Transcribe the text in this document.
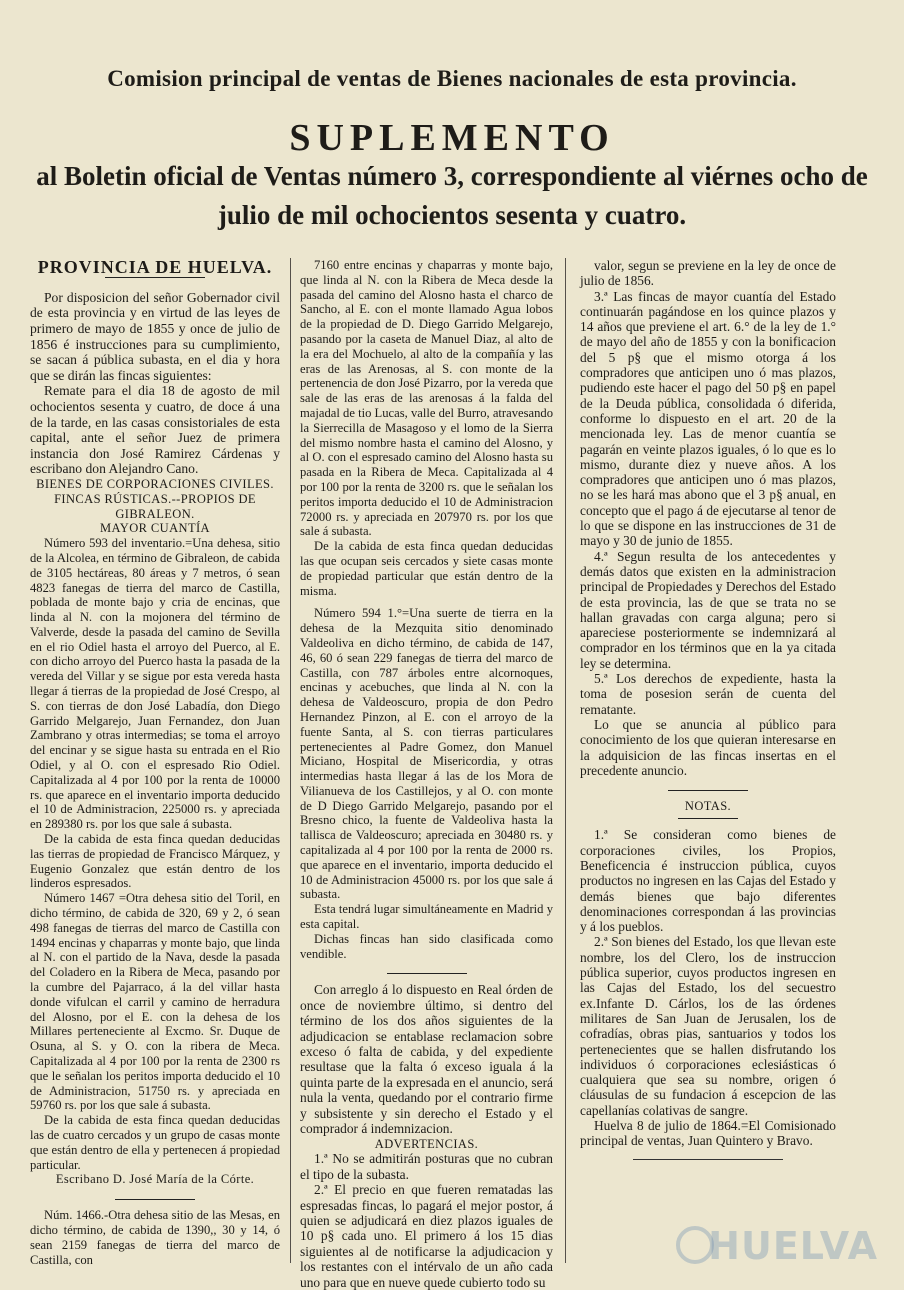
Comision principal de ventas de Bienes nacionales de esta provincia.
SUPLEMENTO
al Boletin oficial de Ventas número 3, correspondiente al viérnes ocho de
julio de mil ochocientos sesenta y cuatro.
PROVINCIA DE HUELVA.

Por disposicion del señor Gobernador civil de esta provincia y en virtud de las leyes de primero de mayo de 1855 y once de julio de 1856 é instrucciones para su cumplimiento, se sacan á pública subasta, en el dia y hora que se dirán las fincas siguientes:

Remate para el dia 18 de agosto de mil ochocientos sesenta y cuatro, de doce á una de la tarde, en las casas consistoriales de esta capital, ante el señor Juez de primera instancia don José Ramirez Cárdenas y escribano don Alejandro Cano.

BIENES DE CORPORACIONES CIVILES.

FINCAS RÚSTICAS.--PROPIOS DE GIBRALEON.

MAYOR CUANTÍA

Número 593 del inventario.=Una dehesa, sitio de la Alcolea, en término de Gibraleon, de cabida de 3105 hectáreas, 80 áreas y 7 metros, ó sean 4823 fanegas de tierra del marco de Castilla, poblada de monte bajo y cria de encinas, que linda al N. con la mojonera del término de Valverde, desde la pasada del camino de Sevilla en el rio Odiel hasta el arroyo del Puerco, al E. con dicho arroyo del Puerco hasta la pasada de la vereda del Villar y se sigue por esta vereda hasta llegar á tierras de la propiedad de José Crespo, al S. con tierras de don José Labadía, don Diego Garrido Melgarejo, Juan Fernandez, don Juan Zambrano y otras intermedias; se toma el arroyo del encinar y se sigue hasta su entrada en el Rio Odiel, y al O. con el espresado Rio Odiel. Capitalizada al 4 por 100 por la renta de 10000 rs. que aparece en el inventario importa deducido el 10 de Administracion, 225000 rs. y apreciada en 289380 rs. por los que sale á subasta.

De la cabida de esta finca quedan deducidas las tierras de propiedad de Francisco Márquez, y Eugenio Gonzalez que están dentro de los linderos espresados.

Número 1467 =Otra dehesa sitio del Toril, en dicho término, de cabida de 320, 69 y 2, ó sean 498 fanegas de tierras del marco de Castilla con 1494 encinas y chaparras y monte bajo, que linda al N. con el partido de la Nava, desde la pasada del Coladero en la Ribera de Meca, pasando por la cumbre del Pajarraco, á la del villar hasta donde vifulcan el carril y camino de herradura del Alosno, por el E. con la dehesa de los Millares perteneciente al Excmo. Sr. Duque de Osuna, al S. y O. con la ribera de Meca. Capitalizada al 4 por 100 por la renta de 2300 rs que le señalan los peritos importa deducido el 10 de Administracion, 51750 rs. y apreciada en 59760 rs. por los que sale á subasta.

De la cabida de esta finca quedan deducidas las de cuatro cercados y un grupo de casas monte que están dentro de ella y pertenecen á propiedad particular.

Escribano D. José María de la Córte.

Núm. 1466.-Otra dehesa sitio de las Mesas, en dicho término, de cabida de 1390,, 30 y 14, ó sean 2159 fanegas de tierra del marco de Castilla, con

7160 entre encinas y chaparras y monte bajo, que linda al N. con la Ribera de Meca desde la pasada del camino del Alosno hasta el charco de Sancho, al E. con el monte llamado Agua lobos de la propiedad de D. Diego Garrido Melgarejo, pasando por la caseta de Manuel Diaz, al alto de la era del Mochuelo, al alto de la compañía y las eras de las Arenosas, al S. con monte de la pertenencia de don José Pizarro, por la vereda que sale de las eras de las arenosas á la falda del majadal de tio Lucas, valle del Burro, atravesando la Sierrecilla de Masagoso y el lomo de la Sierra del mismo nombre hasta el camino del Alosno, y al O. con el espresado camino del Alosno hasta su pasada en la Ribera de Meca. Capitalizada al 4 por 100 por la renta de 3200 rs. que le señalan los peritos importa deducido el 10 de Administracion 72000 rs. y apreciada en 207970 rs. por los que sale á subasta.

De la cabida de esta finca quedan deducidas las que ocupan seis cercados y siete casas monte de propiedad particular que están dentro de la misma.

Número 594 1.°=Una suerte de tierra en la dehesa de la Mezquita sitio denominado Valdeoliva en dicho término, de cabida de 147, 46, 60 ó sean 229 fanegas de tierra del marco de Castilla, con 787 árboles entre alcornoques, encinas y acebuches, que linda al N. con la dehesa de Valdeoscuro, propia de don Pedro Hernandez Pinzon, al E. con el arroyo de la fuente Santa, al S. con tierras particulares pertenecientes al Padre Gomez, don Manuel Miciano, Hospital de Misericordia, y otras intermedias hasta llegar á las de los Mora de Vilianueva de los Castillejos, y al O. con monte de D Diego Garrido Melgarejo, pasando por el Bresno chico, la fuente de Valdeoliva hasta la tallisca de Valdeoscuro; apreciada en 30480 rs. y capitalizada al 4 por 100 por la renta de 2000 rs. que aparece en el inventario, importa deducido el 10 de Administracion 45000 rs. por los que sale á subasta.

Esta tendrá lugar simultáneamente en Madrid y esta capital.

Dichas fincas han sido clasificada como vendible.

Con arreglo á lo dispuesto en Real órden de once de noviembre último, si dentro del término de los dos años siguientes de la adjudicacion se entablase reclamacion sobre exceso ó falta de cabida, y del expediente resultase que la falta ó exceso iguala á la quinta parte de la expresada en el anuncio, será nula la venta, quedando por el contrario firme y subsistente y sin derecho el Estado y el comprador á indemnizacion.

ADVERTENCIAS.

1.ª No se admitirán posturas que no cubran el tipo de la subasta.

2.ª El precio en que fueren rematadas las espresadas fincas, lo pagará el mejor postor, á quien se adjudicará en diez plazos iguales de 10 p§ cada uno. El primero á los 15 dias siguientes al de notificarse la adjudicacion y los restantes con el intérvalo de un año cada uno para que en nueve quede cubierto todo su

valor, segun se previene en la ley de once de julio de 1856.

3.ª Las fincas de mayor cuantía del Estado continuarán pagándose en los quince plazos y 14 años que previene el art. 6.° de la ley de 1.° de mayo del año de 1855 y con la bonificacion del 5 p§ que el mismo otorga á los compradores que anticipen uno ó mas plazos, pudiendo este hacer el pago del 50 p§ en papel de la Deuda pública, consolidada ó diferida, conforme lo dispuesto en el art. 20 de la mencionada ley. Las de menor cuantía se pagarán en veinte plazos iguales, ó lo que es lo mismo, durante diez y nueve años. A los compradores que anticipen uno ó mas plazos, no se les hará mas abono que el 3 p§ anual, en concepto que el pago á de ejecutarse al tenor de lo que se dispone en las instrucciones de 31 de mayo y 30 de junio de 1855.

4.ª Segun resulta de los antecedentes y demás datos que existen en la administracion principal de Propiedades y Derechos del Estado de esta provincia, las de que se trata no se hallan gravadas con carga alguna; pero si apareciese posteriormente se indemnizará al comprador en los términos que en la ya citada ley se determina.

5.ª Los derechos de expediente, hasta la toma de posesion serán de cuenta del rematante.

Lo que se anuncia al público para conocimiento de los que quieran interesarse en la adquisicion de las fincas insertas en el precedente anuncio.

NOTAS.

1.ª Se consideran como bienes de corporaciones civiles, los Propios, Beneficencia é instruccion pública, cuyos productos no ingresen en las Cajas del Estado y demás bienes que bajo diferentes denominaciones correspondan á las provincias y á los pueblos.

2.ª Son bienes del Estado, los que llevan este nombre, los del Clero, los de instruccion pública superior, cuyos productos ingresen en las Cajas del Estado, los del secuestro ex.Infante D. Cárlos, los de las órdenes militares de San Juan de Jerusalen, los de cofradías, obras pias, santuarios y todos los pertenecientes que se hallen disfrutando los individuos ó corporaciones eclesiásticas ó cualquiera que sea su nombre, origen ó cláusulas de su fundacion á escepcion de las capellanías colativas de sangre.

Huelva 8 de julio de 1864.=El Comisionado principal de ventas, Juan Quintero y Bravo.

HUELVA
